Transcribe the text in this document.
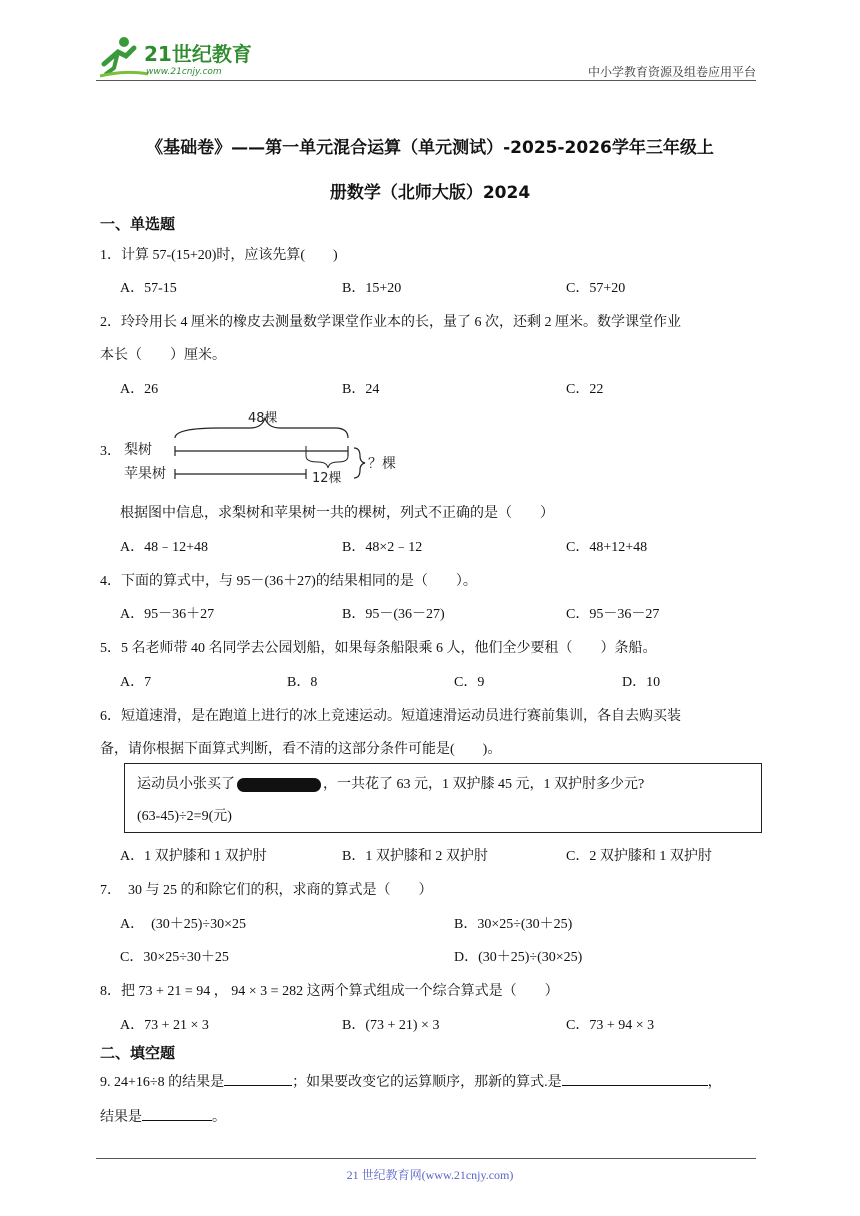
21世纪教育
www.21cnjy.com	中小学教育资源及组卷应用平台
《基础卷》——第一单元混合运算（单元测试）-2025-2026学年三年级上
册数学（北师大版）2024
一、单选题
1．计算 57-(15+20)时，应该先算(　　)
A．57-15	B．15+20	C．57+20
2．玲玲用长 4 厘米的橡皮去测量数学课堂作业本的长，量了 6 次，还剩 2 厘米。数学课堂作业
本长（　　）厘米。
A．26	B．24	C．22
3．
48棵
梨树
苹果树	12棵
？棵
根据图中信息，求梨树和苹果树一共的棵树，列式不正确的是（　　）
A．48﹣12+48	B．48×2﹣12	C．48+12+48
4．下面的算式中，与 95－(36＋27)的结果相同的是（　　）。
A．95－36＋27	B．95－(36－27)	C．95－36－27
5．5 名老师带 40 名同学去公园划船，如果每条船限乘 6 人，他们全少要租（　　）条船。
A．7	B．8	C．9	D．10
6．短道速滑，是在跑道上进行的冰上竞速运动。短道速滑运动员进行赛前集训，各自去购买装
备，请你根据下面算式判断，看不清的这部分条件可能是(　　)。
运动员小张买了	，一共花了 63 元，1 双护膝 45 元，1 双护肘多少元?
(63-45)÷2=9(元)
A．1 双护膝和 1 双护肘	B．1 双护膝和 2 双护肘	C．2 双护膝和 1 双护肘
7．　30 与 25 的和除它们的积，求商的算式是（　　）
A．　(30＋25)÷30×25	B．30×25÷(30＋25)
C．30×25÷30＋25	D．(30＋25)÷(30×25)
8．把 73 + 21 = 94 ， 94 × 3 = 282 这两个算式组成一个综合算式是（　　）
A．73 + 21 × 3	B．(73 + 21) × 3	C．73 + 94 × 3
二、填空题
9. 24+16÷8 的结果是	；如果要改变它的运算顺序，那新的算式.是	，
结果是	。
21 世纪教育网(www.21cnjy.com)
